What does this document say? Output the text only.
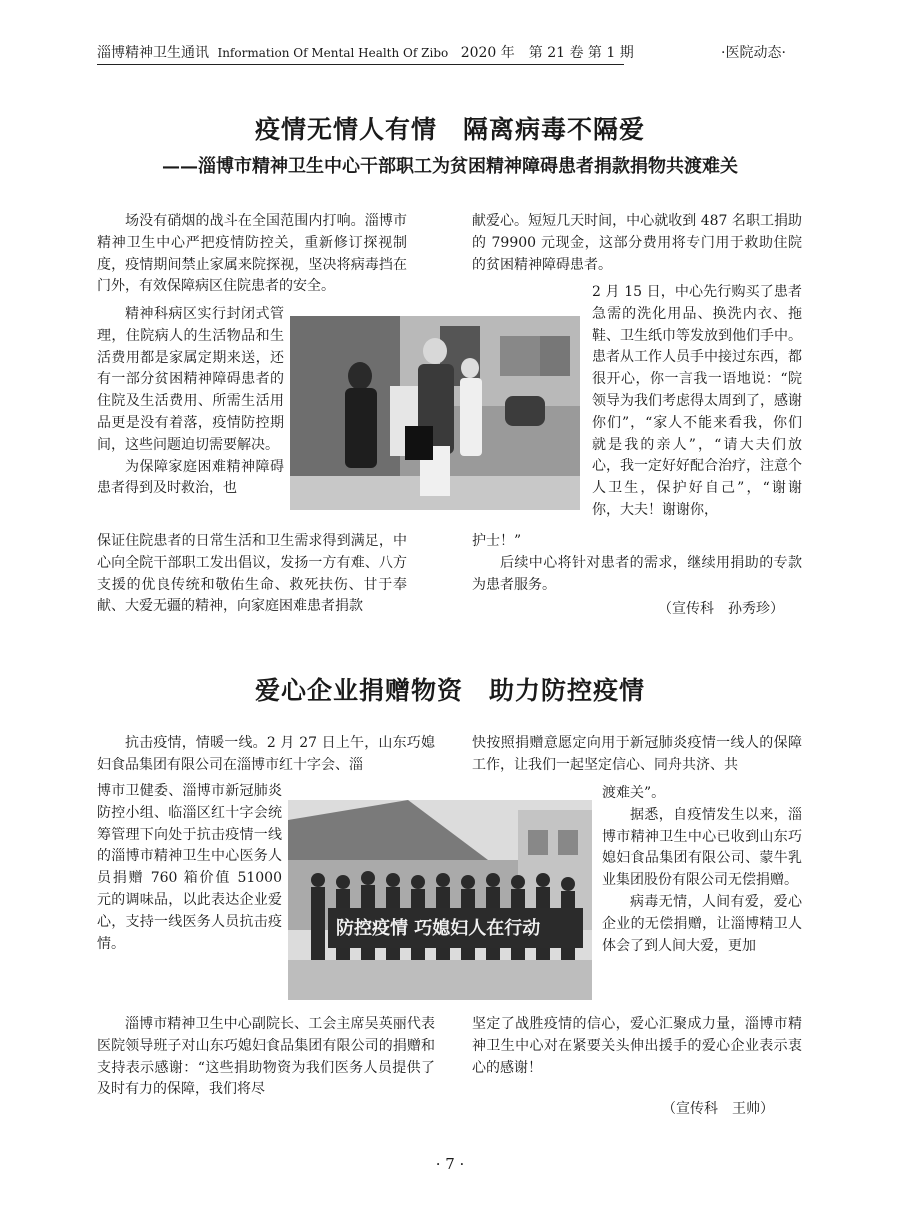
淄博精神卫生通讯 Information Of Mental Health Of Zibo 2020 年　第 21 卷 第 1 期	·医院动态·
疫情无情人有情　隔离病毒不隔爱
——淄博市精神卫生中心干部职工为贫困精神障碍患者捐款捐物共渡难关

场没有硝烟的战斗在全国范围内打响。淄博市精神卫生中心严把疫情防控关，重新修订探视制度，疫情期间禁止家属来院探视，坚决将病毒挡在门外，有效保障病区住院患者的安全。

精神科病区实行封闭式管理，住院病人的生活物品和生活费用都是家属定期来送，还有一部分贫困精神障碍患者的住院及生活费用、所需生活用品更是没有着落，疫情防控期间，这些问题迫切需要解决。

为保障家庭困难精神障碍患者得到及时救治，也

保证住院患者的日常生活和卫生需求得到满足，中心向全院干部职工发出倡议，发扬一方有难、八方支援的优良传统和敬佑生命、救死扶伤、甘于奉献、大爱无疆的精神，向家庭困难患者捐款

献爱心。短短几天时间，中心就收到 487 名职工捐助的 79900 元现金，这部分费用将专门用于救助住院的贫困精神障碍患者。

2 月 15 日，中心先行购买了患者急需的洗化用品、换洗内衣、拖鞋、卫生纸巾等发放到他们手中。患者从工作人员手中接过东西，都很开心，你一言我一语地说：“院领导为我们考虑得太周到了，感谢你们”，“家人不能来看我，你们就是我的亲人”，“请大夫们放心，我一定好好配合治疗，注意个人卫生，保护好自己”，“谢谢你，大夫！谢谢你，

护士！”

后续中心将针对患者的需求，继续用捐助的专款为患者服务。

（宣传科　孙秀珍）
爱心企业捐赠物资　助力防控疫情

抗击疫情，情暖一线。2 月 27 日上午，山东巧媳妇食品集团有限公司在淄博市红十字会、淄

博市卫健委、淄博市新冠肺炎防控小组、临淄区红十字会统筹管理下向处于抗击疫情一线的淄博市精神卫生中心医务人员捐赠 760 箱价值 51000 元的调味品，以此表达企业爱心，支持一线医务人员抗击疫情。

淄博市精神卫生中心副院长、工会主席吴英丽代表医院领导班子对山东巧媳妇食品集团有限公司的捐赠和支持表示感谢：“这些捐助物资为我们医务人员提供了及时有力的保障，我们将尽

防控疫情 巧媳妇人在行动

快按照捐赠意愿定向用于新冠肺炎疫情一线人的保障工作，让我们一起坚定信心、同舟共济、共

渡难关”。

据悉，自疫情发生以来，淄博市精神卫生中心已收到山东巧媳妇食品集团有限公司、蒙牛乳业集团股份有限公司无偿捐赠。

病毒无情，人间有爱，爱心企业的无偿捐赠，让淄博精卫人体会了到人间大爱，更加

坚定了战胜疫情的信心，爱心汇聚成力量，淄博市精神卫生中心对在紧要关头伸出援手的爱心企业表示衷心的感谢！

（宣传科　王帅）
· 7 ·
